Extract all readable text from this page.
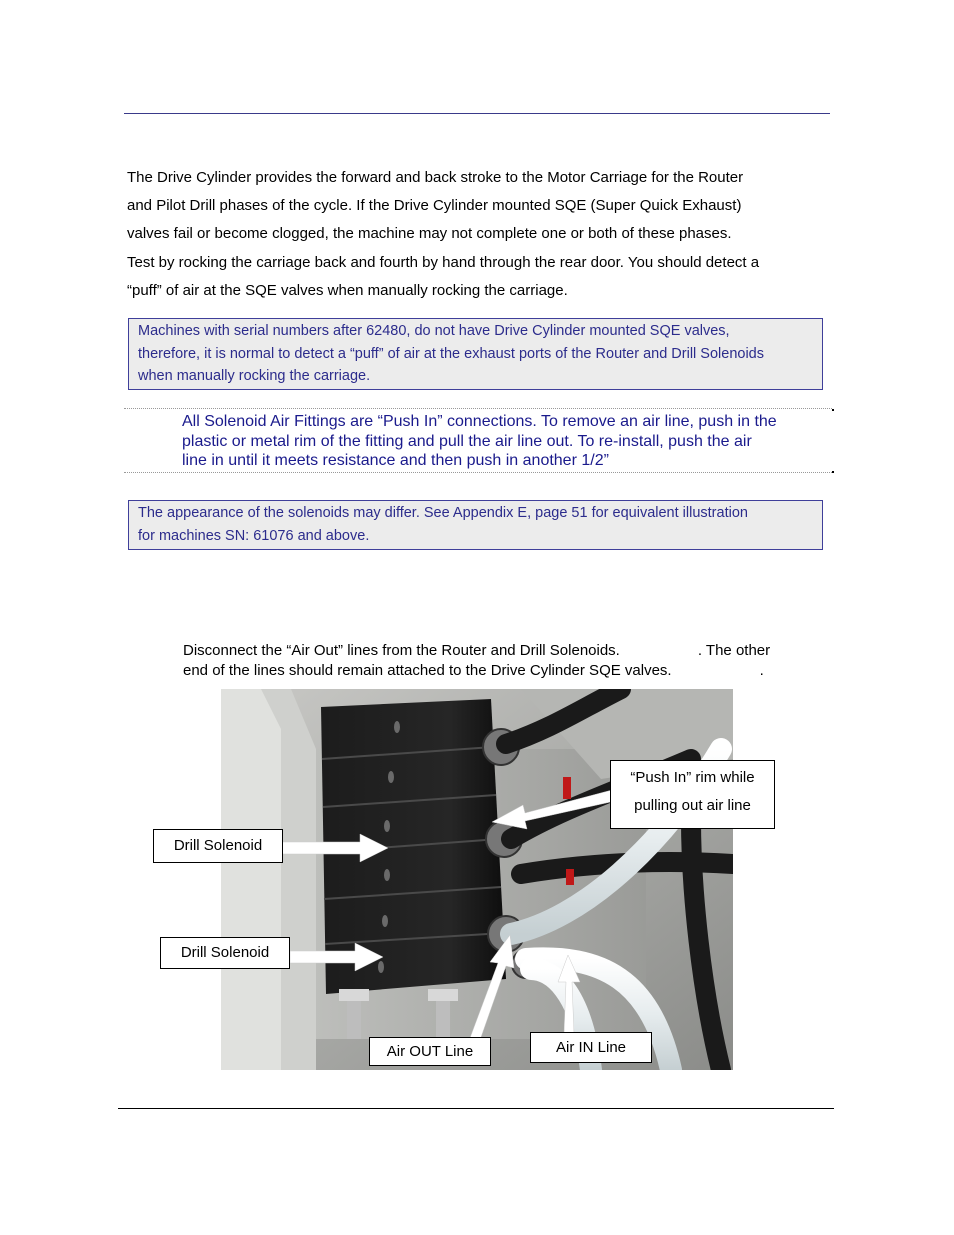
The Drive Cylinder provides the forward and back stroke to the Motor Carriage for the Router

and Pilot Drill phases of the cycle. If the Drive Cylinder mounted SQE (Super Quick Exhaust)

valves fail or become clogged, the machine may not complete one or both of these phases.

Test by rocking the carriage back and fourth by hand through the rear door. You should detect a

“puff” of air at the SQE valves when manually rocking the carriage.

Machines with serial numbers after 62480, do not have Drive Cylinder mounted SQE valves,
therefore, it is normal to detect a “puff” of air at the exhaust ports of the Router and Drill Solenoids
when manually rocking the carriage.
All Solenoid Air Fittings are “Push In” connections. To remove an air line, push in the
plastic or metal rim of the fitting and pull the air line out. To re-install, push the air
line in until it meets resistance and then push in another 1/2”
The appearance of the solenoids may differ. See Appendix E, page 51 for equivalent illustration
for machines SN: 61076 and above.
Disconnect the “Air Out” lines from the Router and Drill Solenoids.	. The other
end of the lines should remain attached to the Drive Cylinder SQE valves.	.
“Push In” rim while
pulling out air line
Drill Solenoid
Drill Solenoid
Air OUT Line	Air IN Line
